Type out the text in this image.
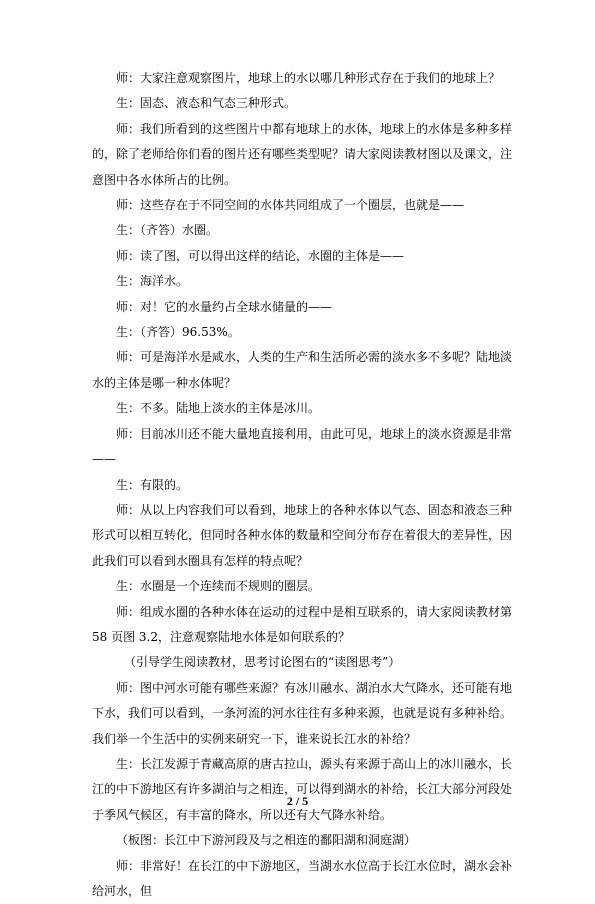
师：大家注意观察图片，地球上的水以哪几种形式存在于我们的地球上？

生：固态、液态和气态三种形式。

师：我们所看到的这些图片中都有地球上的水体，地球上的水体是多种多样的，除了老师给你们看的图片还有哪些类型呢？请大家阅读教材图以及课文，注意图中各水体所占的比例。

师：这些存在于不同空间的水体共同组成了一个圈层，也就是——

生：（齐答）水圈。

师：读了图，可以得出这样的结论，水圈的主体是——

生：海洋水。

师：对！它的水量约占全球水储量的——

生：（齐答）96.53%。

师：可是海洋水是咸水，人类的生产和生活所必需的淡水多不多呢？陆地淡水的主体是哪一种水体呢？

生：不多。陆地上淡水的主体是冰川。

师：目前冰川还不能大量地直接利用，由此可见，地球上的淡水资源是非常——

生：有限的。

师：从以上内容我们可以看到，地球上的各种水体以气态、固态和液态三种形式可以相互转化，但同时各种水体的数量和空间分布存在着很大的差异性，因此我们可以看到水圈具有怎样的特点呢？

生：水圈是一个连续而不规则的圈层。

师：组成水圈的各种水体在运动的过程中是相互联系的，请大家阅读教材第 58 页图 3.2，注意观察陆地水体是如何联系的？

（引导学生阅读教材，思考讨论图右的“读图思考”）

师：图中河水可能有哪些来源？有冰川融水、湖泊水大气降水，还可能有地下水，我们可以看到，一条河流的河水往往有多种来源，也就是说有多种补给。我们举一个生活中的实例来研究一下，谁来说长江水的补给？

生：长江发源于青藏高原的唐古拉山，源头有来源于高山上的冰川融水，长江的中下游地区有许多湖泊与之相连，可以得到湖水的补给，长江大部分河段处于季风气候区，有丰富的降水，所以还有大气降水补给。

（板图：长江中下游河段及与之相连的鄱阳湖和洞庭湖）

师：非常好！在长江的中下游地区，当湖水水位高于长江水位时，湖水会补给河水，但

2 / 5
